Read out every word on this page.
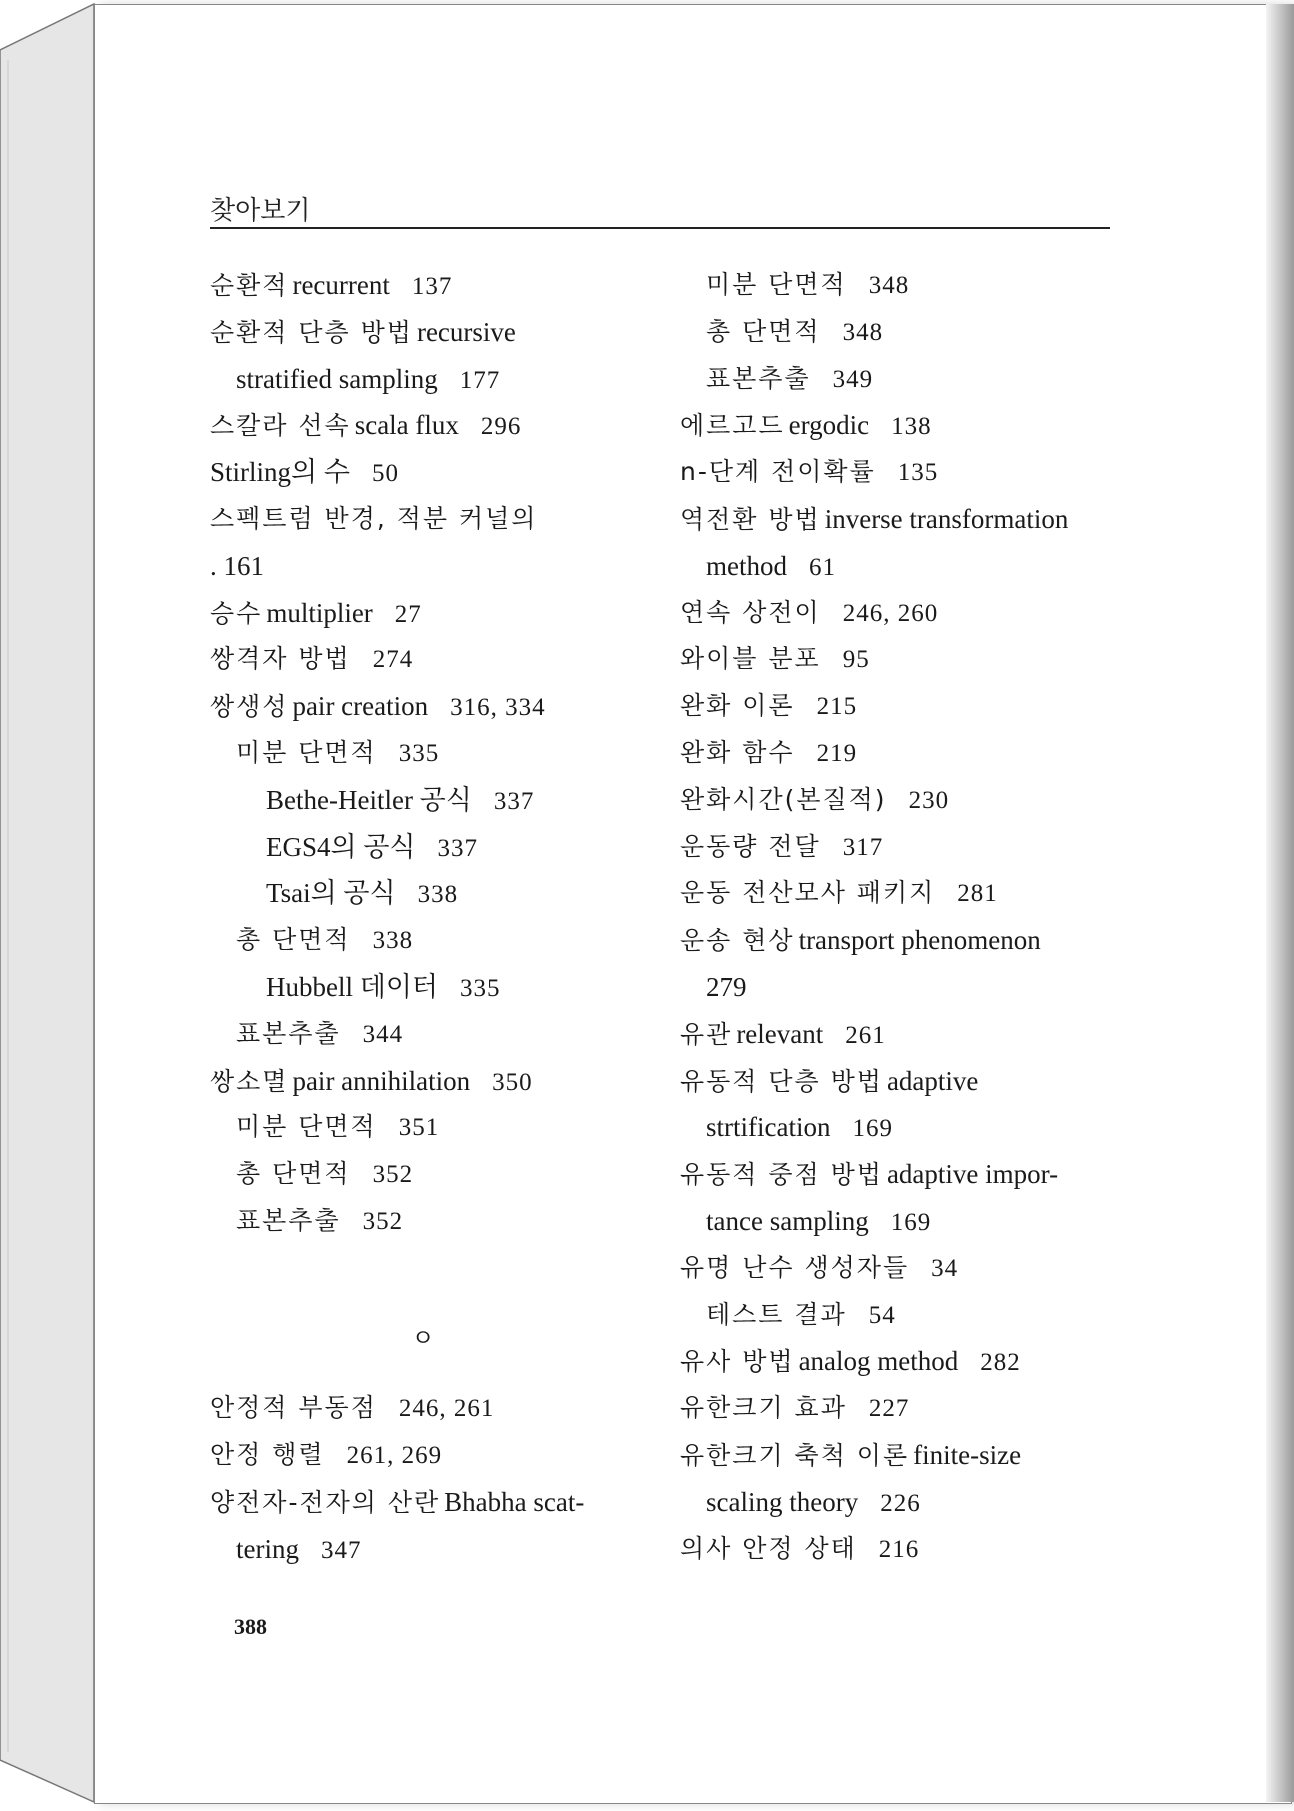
찾아보기
순환적 recurrent 137
순환적 단층 방법 recursive
stratified sampling 177
스칼라 선속 scala flux 296
Stirling의 수 50
스펙트럼 반경, 적분 커널의
. 161
승수 multiplier 27
쌍격자 방법 274
쌍생성 pair creation 316, 334
미분 단면적 335
Bethe-Heitler 공식 337
EGS4의 공식 337
Tsai의 공식 338
총 단면적 338
Hubbell 데이터 335
표본추출 344
쌍소멸 pair annihilation 350
미분 단면적 351
총 단면적 352
표본추출 352
ㅇ
안정적 부동점 246, 261
안정 행렬 261, 269
양전자-전자의 산란 Bhabha scat-
tering 347
미분 단면적 348
총 단면적 348
표본추출 349
에르고드 ergodic 138
n-단계 전이확률 135
역전환 방법 inverse transformation
method 61
연속 상전이 246, 260
와이블 분포 95
완화 이론 215
완화 함수 219
완화시간(본질적) 230
운동량 전달 317
운동 전산모사 패키지 281
운송 현상 transport phenomenon
279
유관 relevant 261
유동적 단층 방법 adaptive
strtification 169
유동적 중점 방법 adaptive impor-
tance sampling 169
유명 난수 생성자들 34
테스트 결과 54
유사 방법 analog method 282
유한크기 효과 227
유한크기 축척 이론 finite-size
scaling theory 226
의사 안정 상태 216
388
